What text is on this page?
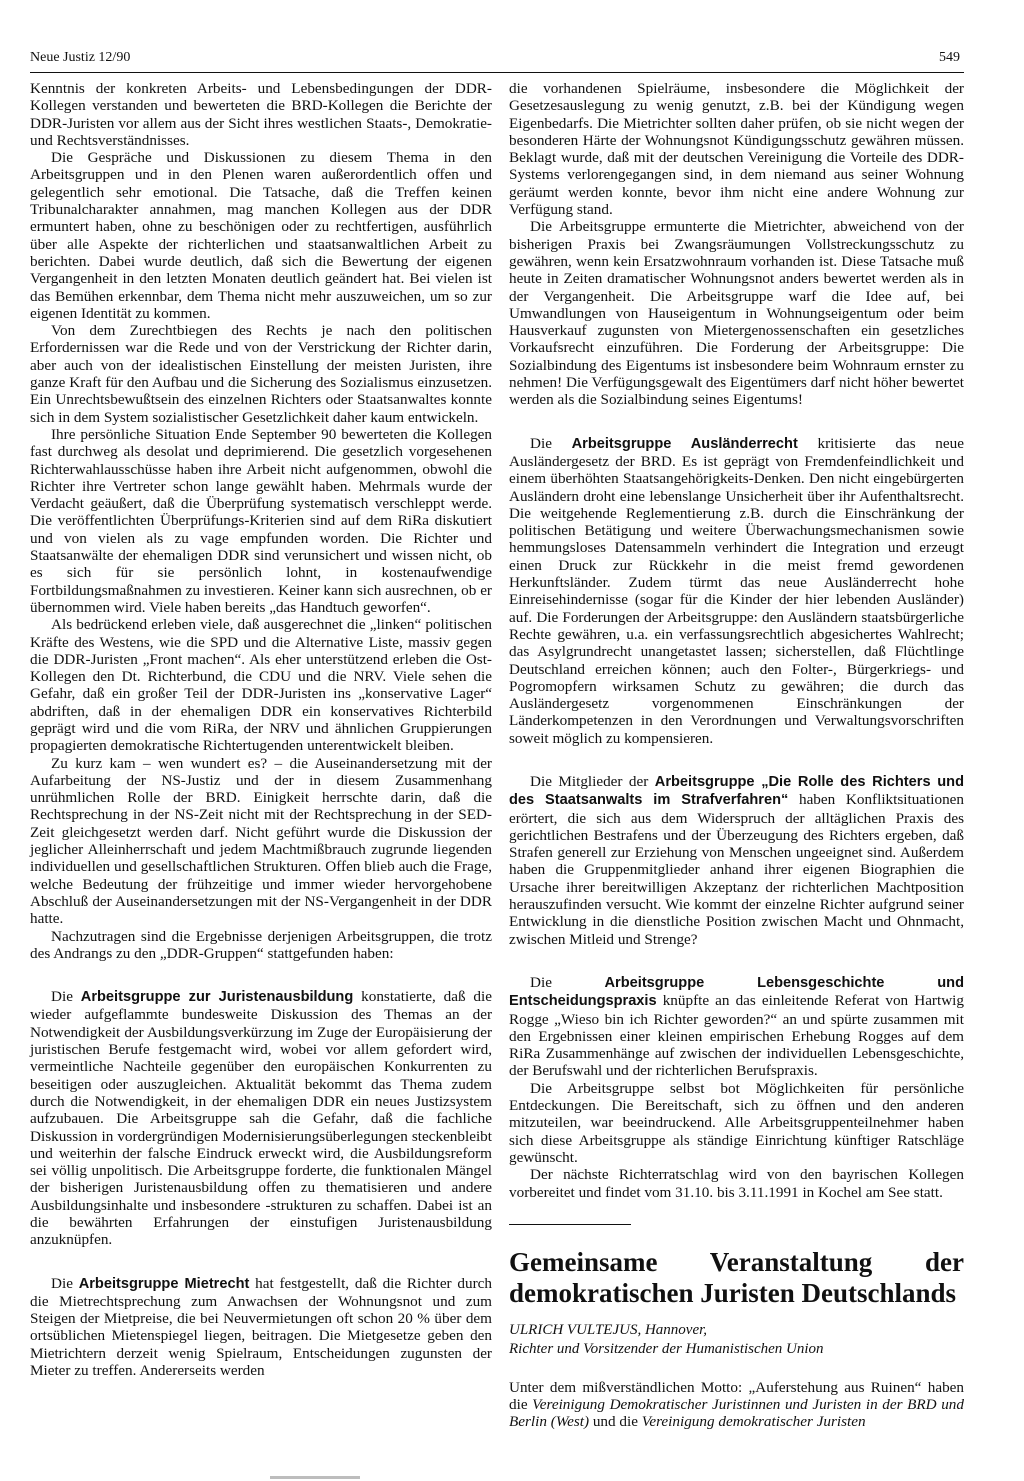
Neue Justiz 12/90	549

Kenntnis der konkreten Arbeits- und Lebensbedingungen der DDR-Kollegen verstanden und bewerteten die BRD-Kollegen die Berichte der DDR-Juristen vor allem aus der Sicht ihres westlichen Staats-, Demokratie- und Rechtsverständnisses.

Die Gespräche und Diskussionen zu diesem Thema in den Arbeitsgruppen und in den Plenen waren außerordentlich offen und gelegentlich sehr emotional. Die Tatsache, daß die Treffen keinen Tribunalcharakter annahmen, mag manchen Kollegen aus der DDR ermuntert haben, ohne zu beschönigen oder zu rechtfertigen, ausführlich über alle Aspekte der richterlichen und staatsanwaltlichen Arbeit zu berichten. Dabei wurde deutlich, daß sich die Bewertung der eigenen Vergangenheit in den letzten Monaten deutlich geändert hat. Bei vielen ist das Bemühen erkennbar, dem Thema nicht mehr auszuweichen, um so zur eigenen Identität zu kommen.

Von dem Zurechtbiegen des Rechts je nach den politischen Erfordernissen war die Rede und von der Verstrickung der Richter darin, aber auch von der idealistischen Einstellung der meisten Juristen, ihre ganze Kraft für den Aufbau und die Sicherung des Sozialismus einzusetzen. Ein Unrechtsbewußtsein des einzelnen Richters oder Staatsanwaltes konnte sich in dem System sozialistischer Gesetzlichkeit daher kaum entwickeln.

Ihre persönliche Situation Ende September 90 bewerteten die Kollegen fast durchweg als desolat und deprimierend. Die gesetzlich vorgesehenen Richterwahlausschüsse haben ihre Arbeit nicht aufgenommen, obwohl die Richter ihre Vertreter schon lange gewählt haben. Mehrmals wurde der Verdacht geäußert, daß die Überprüfung systematisch verschleppt werde. Die veröffentlichten Überprüfungs-Kriterien sind auf dem RiRa diskutiert und von vielen als zu vage empfunden worden. Die Richter und Staatsanwälte der ehemaligen DDR sind verunsichert und wissen nicht, ob es sich für sie persönlich lohnt, in kostenaufwendige Fortbildungsmaßnahmen zu investieren. Keiner kann sich ausrechnen, ob er übernommen wird. Viele haben bereits „das Handtuch geworfen“.

Als bedrückend erleben viele, daß ausgerechnet die „linken“ politischen Kräfte des Westens, wie die SPD und die Alternative Liste, massiv gegen die DDR-Juristen „Front machen“. Als eher unterstützend erleben die Ost-Kollegen den Dt. Richterbund, die CDU und die NRV. Viele sehen die Gefahr, daß ein großer Teil der DDR-Juristen ins „konservative Lager“ abdriften, daß in der ehemaligen DDR ein konservatives Richterbild geprägt wird und die vom RiRa, der NRV und ähnlichen Gruppierungen propagierten demokratische Richtertugenden unterentwickelt bleiben.

Zu kurz kam – wen wundert es? – die Auseinandersetzung mit der Aufarbeitung der NS-Justiz und der in diesem Zusammenhang unrühmlichen Rolle der BRD. Einigkeit herrschte darin, daß die Rechtsprechung in der NS-Zeit nicht mit der Rechtsprechung in der SED-Zeit gleichgesetzt werden darf. Nicht geführt wurde die Diskussion der jeglicher Alleinherrschaft und jedem Machtmißbrauch zugrunde liegenden individuellen und gesellschaftlichen Strukturen. Offen blieb auch die Frage, welche Bedeutung der frühzeitige und immer wieder hervorgehobene Abschluß der Auseinandersetzungen mit der NS-Vergangenheit in der DDR hatte.

Nachzutragen sind die Ergebnisse derjenigen Arbeitsgruppen, die trotz des Andrangs zu den „DDR-Gruppen“ stattgefunden haben:

Die Arbeitsgruppe zur Juristenausbildung konstatierte, daß die wieder aufgeflammte bundesweite Diskussion des Themas an der Notwendigkeit der Ausbildungsverkürzung im Zuge der Europäisierung der juristischen Berufe festgemacht wird, wobei vor allem gefordert wird, vermeintliche Nachteile gegenüber den europäischen Konkurrenten zu beseitigen oder auszugleichen. Aktualität bekommt das Thema zudem durch die Notwendigkeit, in der ehemaligen DDR ein neues Justizsystem aufzubauen. Die Arbeitsgruppe sah die Gefahr, daß die fachliche Diskussion in vordergründigen Modernisierungsüberlegungen steckenbleibt und weiterhin der falsche Eindruck erweckt wird, die Ausbildungsreform sei völlig unpolitisch. Die Arbeitsgruppe forderte, die funktionalen Mängel der bisherigen Juristenausbildung offen zu thematisieren und andere Ausbildungsinhalte und insbesondere -strukturen zu schaffen. Dabei ist an die bewährten Erfahrungen der einstufigen Juristenausbildung anzuknüpfen.

Die Arbeitsgruppe Mietrecht hat festgestellt, daß die Richter durch die Mietrechtsprechung zum Anwachsen der Wohnungsnot und zum Steigen der Mietpreise, die bei Neuvermietungen oft schon 20 % über dem ortsüblichen Mietenspiegel liegen, beitragen. Die Mietgesetze geben den Mietrichtern derzeit wenig Spielraum, Entscheidungen zugunsten der Mieter zu treffen. Andererseits werden

die vorhandenen Spielräume, insbesondere die Möglichkeit der Gesetzesauslegung zu wenig genutzt, z.B. bei der Kündigung wegen Eigenbedarfs. Die Mietrichter sollten daher prüfen, ob sie nicht wegen der besonderen Härte der Wohnungsnot Kündigungsschutz gewähren müssen. Beklagt wurde, daß mit der deutschen Vereinigung die Vorteile des DDR-Systems verlorengegangen sind, in dem niemand aus seiner Wohnung geräumt werden konnte, bevor ihm nicht eine andere Wohnung zur Verfügung stand.

Die Arbeitsgruppe ermunterte die Mietrichter, abweichend von der bisherigen Praxis bei Zwangsräumungen Vollstreckungsschutz zu gewähren, wenn kein Ersatzwohnraum vorhanden ist. Diese Tatsache muß heute in Zeiten dramatischer Wohnungsnot anders bewertet werden als in der Vergangenheit. Die Arbeitsgruppe warf die Idee auf, bei Umwandlungen von Hauseigentum in Wohnungseigentum oder beim Hausverkauf zugunsten von Mietergenossenschaften ein gesetzliches Vorkaufsrecht einzuführen. Die Forderung der Arbeitsgruppe: Die Sozialbindung des Eigentums ist insbesondere beim Wohnraum ernster zu nehmen! Die Verfügungsgewalt des Eigentümers darf nicht höher bewertet werden als die Sozialbindung seines Eigentums!

Die Arbeitsgruppe Ausländerrecht kritisierte das neue Ausländergesetz der BRD. Es ist geprägt von Fremdenfeindlichkeit und einem überhöhten Staatsangehörigkeits-Denken. Den nicht eingebürgerten Ausländern droht eine lebenslange Unsicherheit über ihr Aufenthaltsrecht. Die weitgehende Reglementierung z.B. durch die Einschränkung der politischen Betätigung und weitere Überwachungsmechanismen sowie hemmungsloses Datensammeln verhindert die Integration und erzeugt einen Druck zur Rückkehr in die meist fremd gewordenen Herkunftsländer. Zudem türmt das neue Ausländerrecht hohe Einreisehindernisse (sogar für die Kinder der hier lebenden Ausländer) auf. Die Forderungen der Arbeitsgruppe: den Ausländern staatsbürgerliche Rechte gewähren, u.a. ein verfassungsrechtlich abgesichertes Wahlrecht; das Asylgrundrecht unangetastet lassen; sicherstellen, daß Flüchtlinge Deutschland erreichen können; auch den Folter-, Bürgerkriegs- und Pogromopfern wirksamen Schutz zu gewähren; die durch das Ausländergesetz vorgenommenen Einschränkungen der Länderkompetenzen in den Verordnungen und Verwaltungsvorschriften soweit möglich zu kompensieren.

Die Mitglieder der Arbeitsgruppe „Die Rolle des Richters und des Staatsanwalts im Strafverfahren“ haben Konfliktsituationen erörtert, die sich aus dem Widerspruch der alltäglichen Praxis des gerichtlichen Bestrafens und der Überzeugung des Richters ergeben, daß Strafen generell zur Erziehung von Menschen ungeeignet sind. Außerdem haben die Gruppenmitglieder anhand ihrer eigenen Biographien die Ursache ihrer bereitwilligen Akzeptanz der richterlichen Machtposition herauszufinden versucht. Wie kommt der einzelne Richter aufgrund seiner Entwicklung in die dienstliche Position zwischen Macht und Ohnmacht, zwischen Mitleid und Strenge?

Die Arbeitsgruppe Lebensgeschichte und Entscheidungspraxis knüpfte an das einleitende Referat von Hartwig Rogge „Wieso bin ich Richter geworden?“ an und spürte zusammen mit den Ergebnissen einer kleinen empirischen Erhebung Rogges auf dem RiRa Zusammenhänge auf zwischen der individuellen Lebensgeschichte, der Berufswahl und der richterlichen Berufspraxis.

Die Arbeitsgruppe selbst bot Möglichkeiten für persönliche Entdeckungen. Die Bereitschaft, sich zu öffnen und den anderen mitzuteilen, war beeindruckend. Alle Arbeitsgruppenteilnehmer haben sich diese Arbeitsgruppe als ständige Einrichtung künftiger Ratschläge gewünscht.

Der nächste Richterratschlag wird von den bayrischen Kollegen vorbereitet und findet vom 31.10. bis 3.11.1991 in Kochel am See statt.

Gemeinsame Veranstaltung der demokratischen Juristen Deutschlands
ULRICH VULTEJUS, Hannover,
Richter und Vorsitzender der Humanistischen Union

Unter dem mißverständlichen Motto: „Auferstehung aus Ruinen“ haben die Vereinigung Demokratischer Juristinnen und Juristen in der BRD und Berlin (West) und die Vereinigung demokratischer Juristen
